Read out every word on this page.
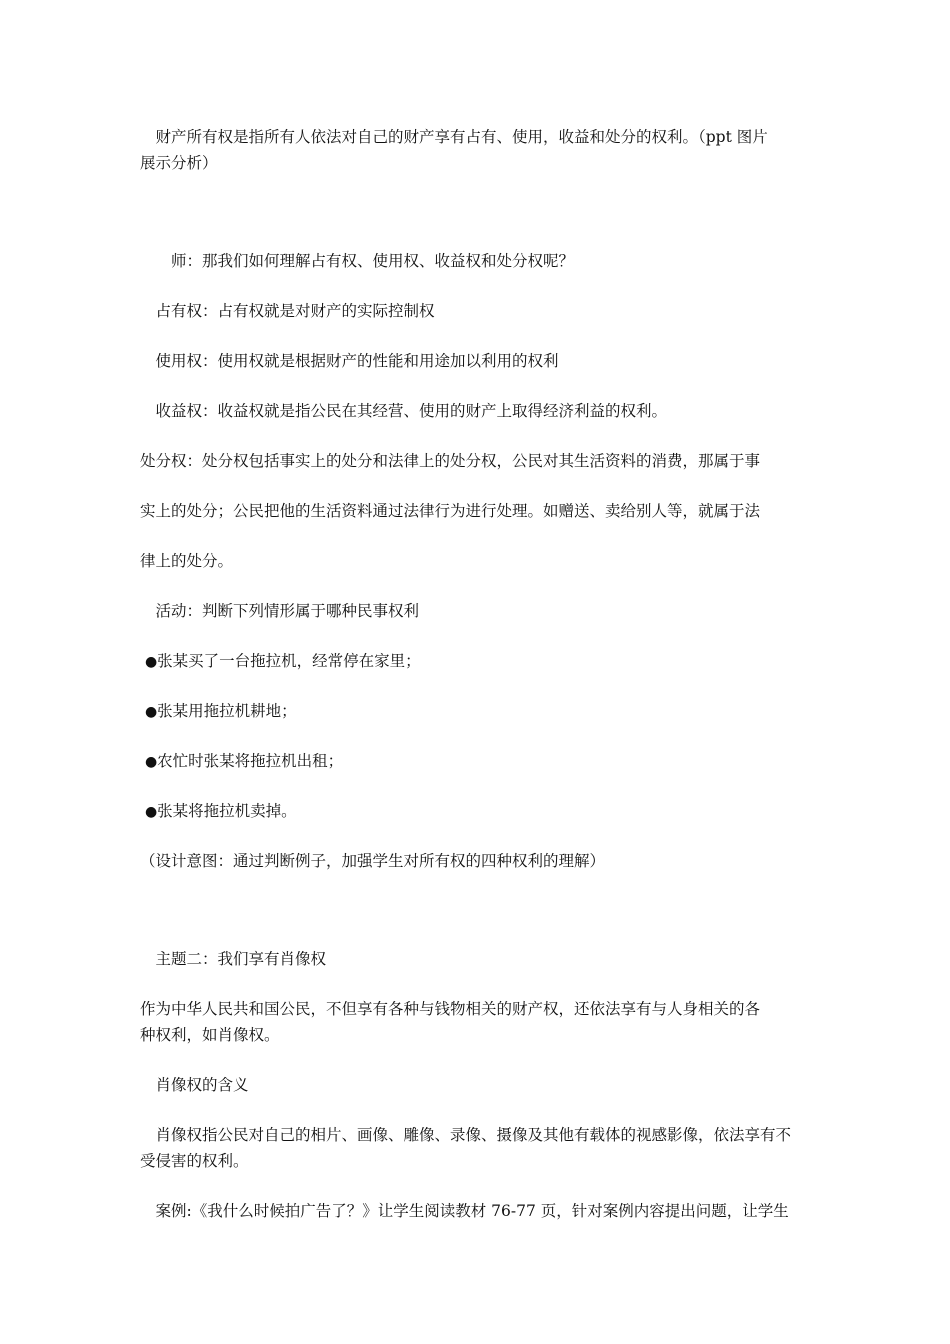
　财产所有权是指所有人依法对自己的财产享有占有、使用，收益和处分的权利。（ppt 图片
展示分析）
　　师：那我们如何理解占有权、使用权、收益权和处分权呢？
　占有权：占有权就是对财产的实际控制权
　使用权：使用权就是根据财产的性能和用途加以利用的权利
　收益权：收益权就是指公民在其经营、使用的财产上取得经济利益的权利。
处分权：处分权包括事实上的处分和法律上的处分权，公民对其生活资料的消费，那属于事
实上的处分；公民把他的生活资料通过法律行为进行处理。如赠送、卖给别人等，就属于法
律上的处分。
　活动：判断下列情形属于哪种民事权利
●张某买了一台拖拉机，经常停在家里；
●张某用拖拉机耕地；
●农忙时张某将拖拉机出租；
●张某将拖拉机卖掉。
（设计意图：通过判断例子，加强学生对所有权的四种权利的理解）
　主题二：我们享有肖像权
作为中华人民共和国公民，不但享有各种与钱物相关的财产权，还依法享有与人身相关的各
种权利，如肖像权。
　肖像权的含义
　肖像权指公民对自己的相片、画像、雕像、录像、摄像及其他有载体的视感影像，依法享有不
受侵害的权利。
　案例:《我什么时候拍广告了？》让学生阅读教材 76-77 页，针对案例内容提出问题，让学生
